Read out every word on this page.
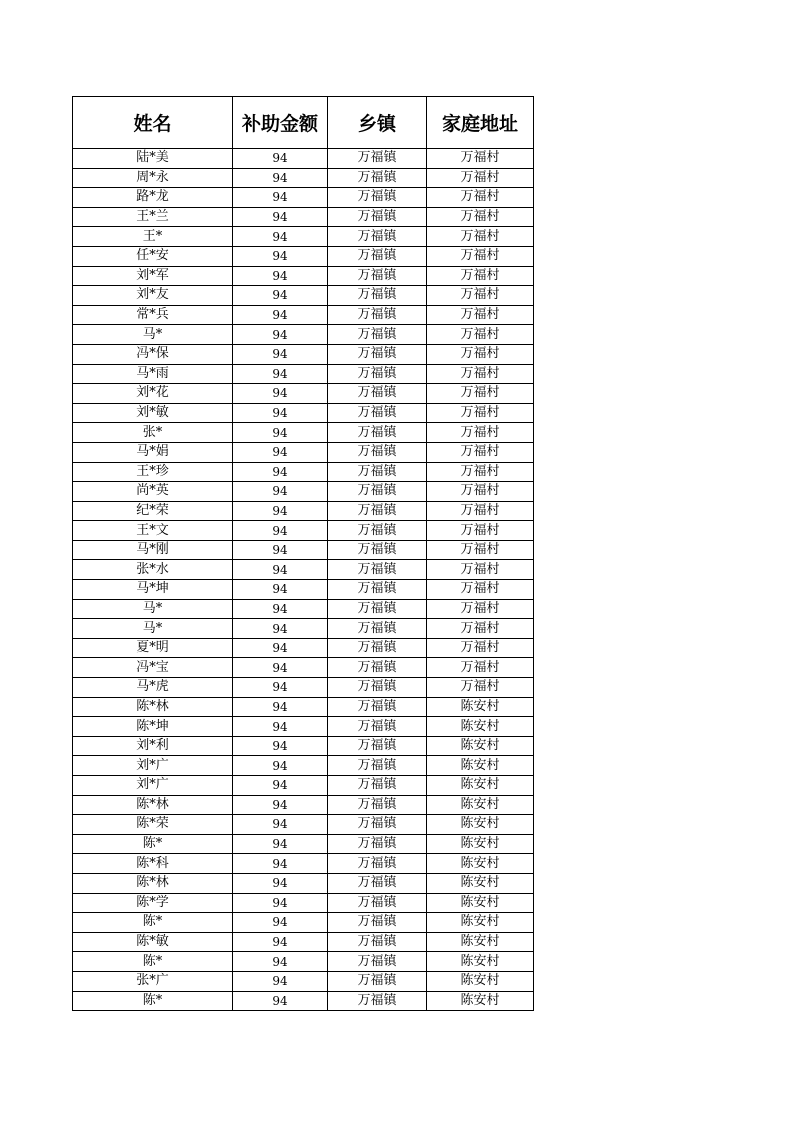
姓名	补助金额	乡镇	家庭地址
陆*美	94	万福镇	万福村
周*永	94	万福镇	万福村
路*龙	94	万福镇	万福村
王*兰	94	万福镇	万福村
王*	94	万福镇	万福村
任*安	94	万福镇	万福村
刘*军	94	万福镇	万福村
刘*友	94	万福镇	万福村
常*兵	94	万福镇	万福村
马*	94	万福镇	万福村
冯*保	94	万福镇	万福村
马*雨	94	万福镇	万福村
刘*花	94	万福镇	万福村
刘*敏	94	万福镇	万福村
张*	94	万福镇	万福村
马*娟	94	万福镇	万福村
王*珍	94	万福镇	万福村
尚*英	94	万福镇	万福村
纪*荣	94	万福镇	万福村
王*文	94	万福镇	万福村
马*刚	94	万福镇	万福村
张*水	94	万福镇	万福村
马*坤	94	万福镇	万福村
马*	94	万福镇	万福村
马*	94	万福镇	万福村
夏*明	94	万福镇	万福村
冯*宝	94	万福镇	万福村
马*虎	94	万福镇	万福村
陈*林	94	万福镇	陈安村
陈*坤	94	万福镇	陈安村
刘*利	94	万福镇	陈安村
刘*广	94	万福镇	陈安村
刘*广	94	万福镇	陈安村
陈*林	94	万福镇	陈安村
陈*荣	94	万福镇	陈安村
陈*	94	万福镇	陈安村
陈*科	94	万福镇	陈安村
陈*林	94	万福镇	陈安村
陈*学	94	万福镇	陈安村
陈*	94	万福镇	陈安村
陈*敏	94	万福镇	陈安村
陈*	94	万福镇	陈安村
张*广	94	万福镇	陈安村
陈*	94	万福镇	陈安村
